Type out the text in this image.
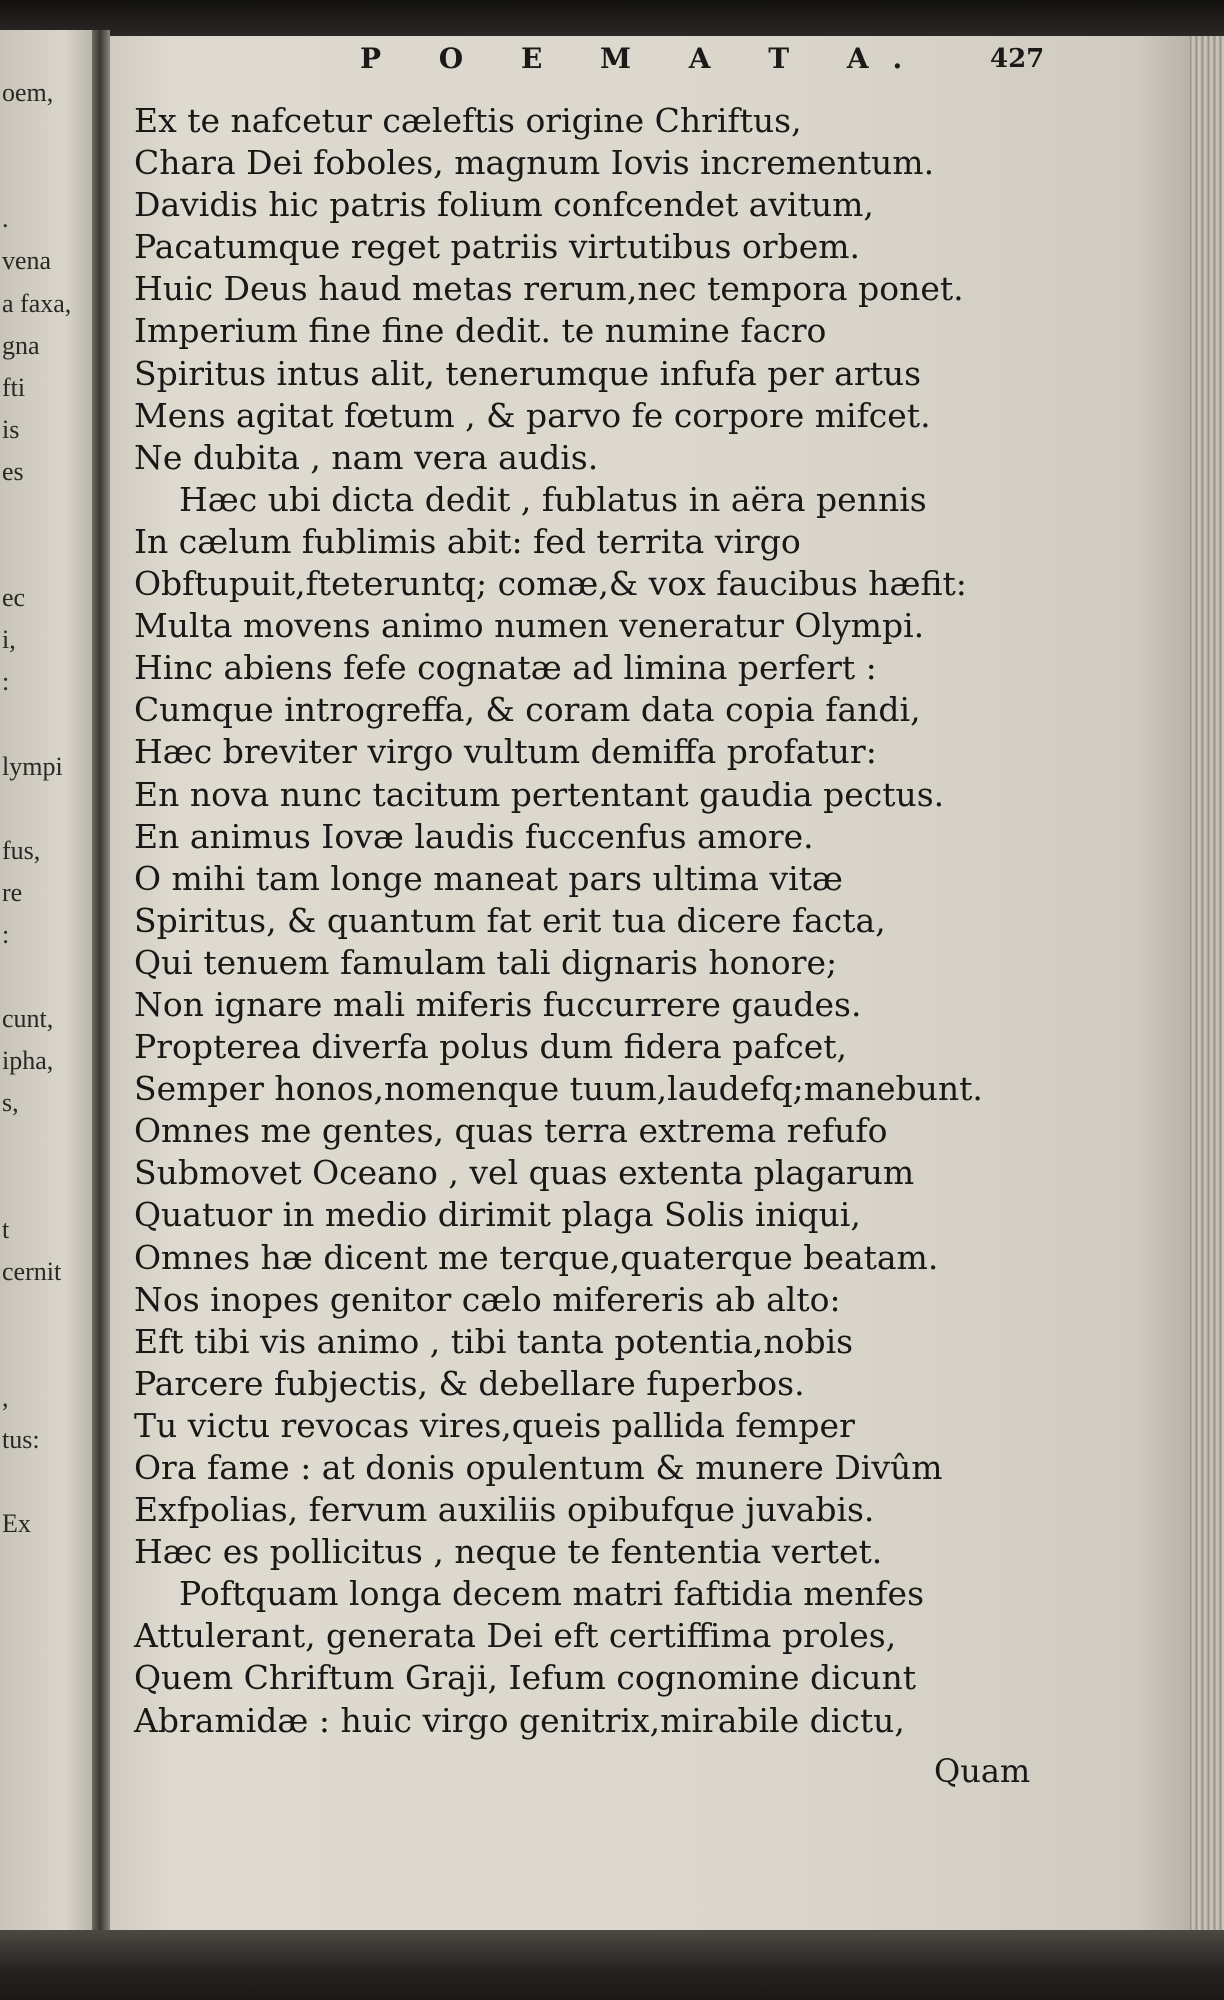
oem,
.
vena
a faxa,
gna
fti
is
es
ec
i,
:
lympi
fus,
re
:
cunt,
ipha,
s,
t
cernit
,
tus:
Ex
P O E M A T A. 427
Ex te nafcetur cæleftis origine Chriftus,
Chara Dei foboles, magnum Iovis incrementum.
Davidis hic patris folium confcendet avitum,
Pacatumque reget patriis virtutibus orbem.
Huic Deus haud metas rerum,nec tempora ponet.
Imperium fine fine dedit. te numine facro
Spiritus intus alit, tenerumque infufa per artus
Mens agitat fœtum , & parvo fe corpore mifcet.
Ne dubita , nam vera audis.
Hæc ubi dicta dedit , fublatus in aëra pennis
In cælum fublimis abit: fed territa virgo
Obftupuit,fteteruntq; comæ,& vox faucibus hæfit:
Multa movens animo numen veneratur Olympi.
Hinc abiens fefe cognatæ ad limina perfert :
Cumque introgreffa, & coram data copia fandi,
Hæc breviter virgo vultum demiffa profatur:
En nova nunc tacitum pertentant gaudia pectus.
En animus Iovæ laudis fuccenfus amore.
O mihi tam longe maneat pars ultima vitæ
Spiritus, & quantum fat erit tua dicere facta,
Qui tenuem famulam tali dignaris honore;
Non ignare mali miferis fuccurrere gaudes.
Propterea diverfa polus dum fidera pafcet,
Semper honos,nomenque tuum,laudefq;manebunt.
Omnes me gentes, quas terra extrema refufo
Submovet Oceano , vel quas extenta plagarum
Quatuor in medio dirimit plaga Solis iniqui,
Omnes hæ dicent me terque,quaterque beatam.
Nos inopes genitor cælo mifereris ab alto:
Eft tibi vis animo , tibi tanta potentia,nobis
Parcere fubjectis, & debellare fuperbos.
Tu victu revocas vires,queis pallida femper
Ora fame : at donis opulentum & munere Divûm
Exfpolias, fervum auxiliis opibufque juvabis.
Hæc es pollicitus , neque te fententia vertet.
Poftquam longa decem matri faftidia menfes
Attulerant, generata Dei eft certiffima proles,
Quem Chriftum Graji, Iefum cognomine dicunt
Abramidæ : huic virgo genitrix,mirabile dictu,
Quam
